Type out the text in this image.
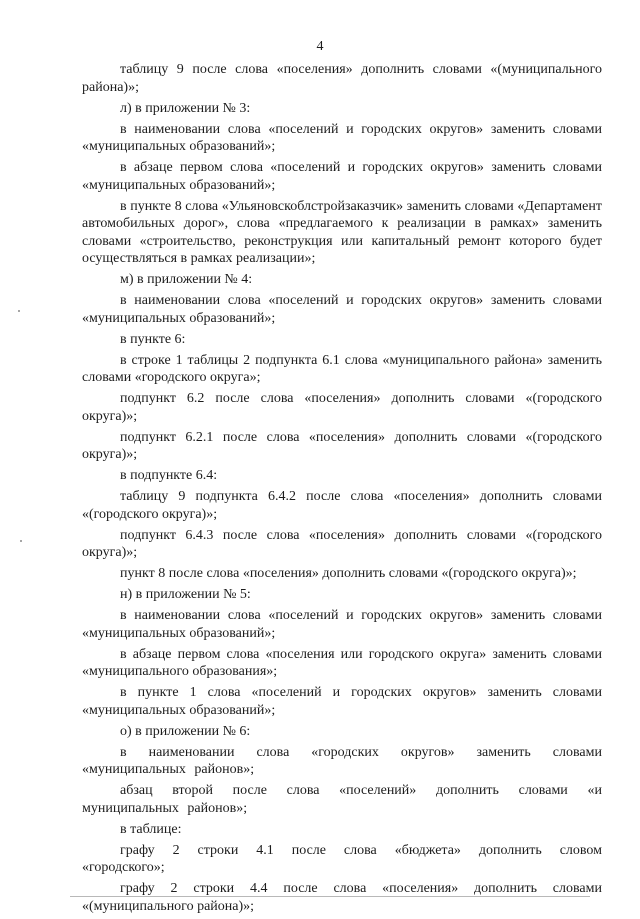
4

таблицу 9 после слова «поселения» дополнить словами «(муниципального района)»;

л) в приложении № 3:

в наименовании слова «поселений и городских округов» заменить словами «муниципальных образований»;

в абзаце первом слова «поселений и городских округов» заменить словами «муниципальных образований»;

в пункте 8 слова «Ульяновскоблстройзаказчик» заменить словами «Департамент автомобильных дорог», слова «предлагаемого к реализации в рамках» заменить словами «строительство, реконструкция или капитальный ремонт которого будет осуществляться в рамках реализации»;

м) в приложении № 4:

в наименовании слова «поселений и городских округов» заменить словами «муниципальных образований»;

в пункте 6:

в строке 1 таблицы 2 подпункта 6.1 слова «муниципального района» заменить словами «городского округа»;

подпункт 6.2 после слова «поселения» дополнить словами «(городского округа)»;

подпункт 6.2.1 после слова «поселения» дополнить словами «(городского округа)»;

в подпункте 6.4:

таблицу 9 подпункта 6.4.2 после слова «поселения» дополнить словами «(городского округа)»;

подпункт 6.4.3 после слова «поселения» дополнить словами «(городского округа)»;

пункт 8 после слова «поселения» дополнить словами «(городского округа)»;

н) в приложении № 5:

в наименовании слова «поселений и городских округов» заменить словами «муниципальных образований»;

в абзаце первом слова «поселения или городского округа» заменить словами «муниципального образования»;

в пункте 1 слова «поселений и городских округов» заменить словами «муниципальных образований»;

о) в приложении № 6:

в наименовании слова «городских округов» заменить словами «муниципальных районов»;

абзац второй после слова «поселений» дополнить словами «и муниципальных районов»;

в таблице:

графу 2 строки 4.1 после слова «бюджета» дополнить словом «городского»;

графу 2 строки 4.4 после слова «поселения» дополнить словами «(муниципального района)»;
